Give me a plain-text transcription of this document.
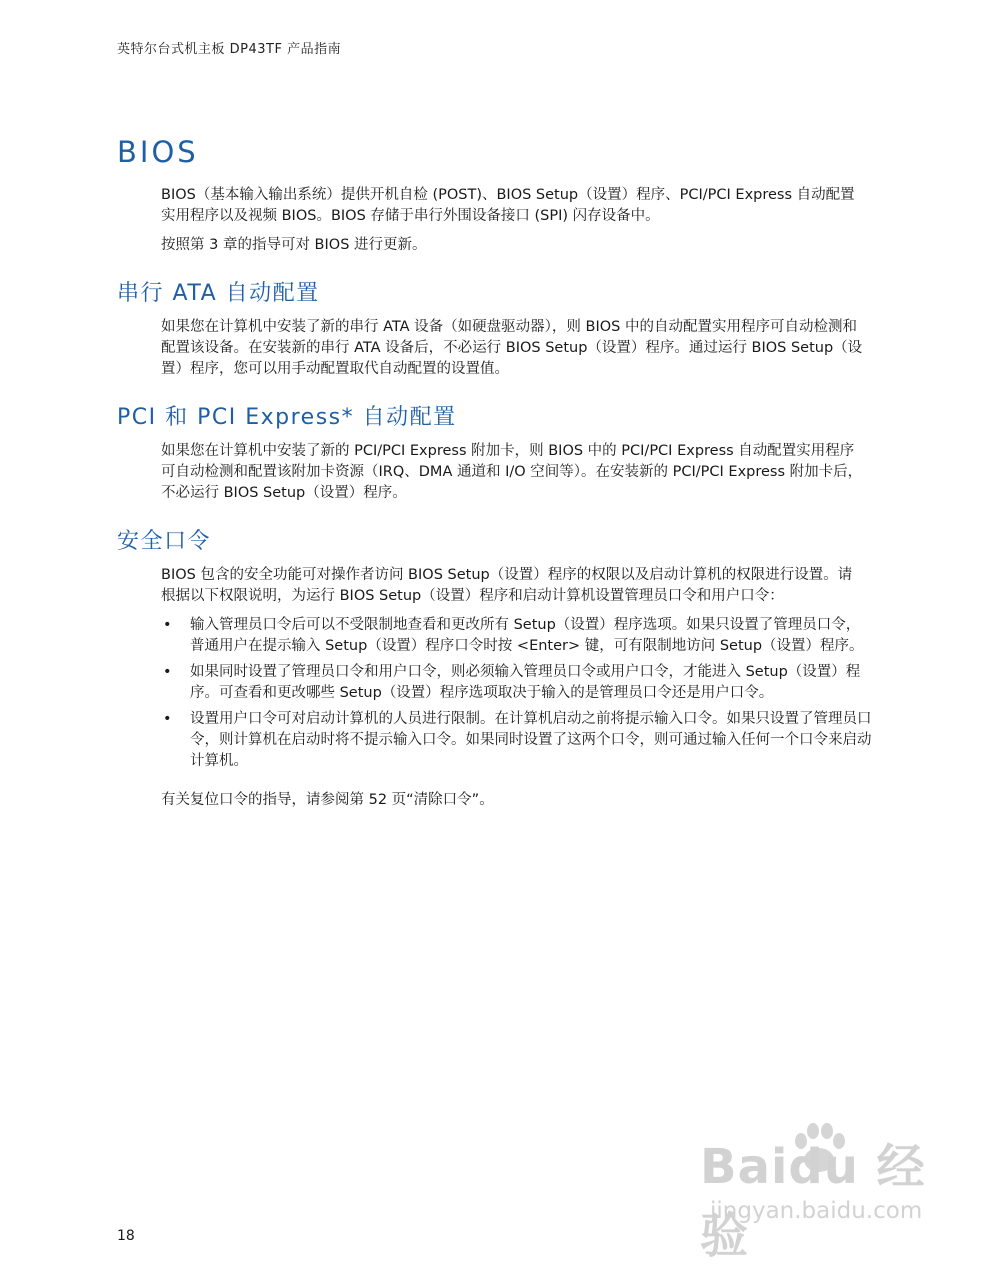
英特尔台式机主板 DP43TF 产品指南
BIOS

BIOS（基本输入输出系统）提供开机自检 (POST)、BIOS Setup（设置）程序、PCI/PCI Express 自动配置实用程序以及视频 BIOS。BIOS 存储于串行外围设备接口 (SPI) 闪存设备中。

按照第 3 章的指导可对 BIOS 进行更新。

串行 ATA 自动配置

如果您在计算机中安装了新的串行 ATA 设备（如硬盘驱动器），则 BIOS 中的自动配置实用程序可自动检测和配置该设备。在安装新的串行 ATA 设备后，不必运行 BIOS Setup（设置）程序。通过运行 BIOS Setup（设置）程序，您可以用手动配置取代自动配置的设置值。

PCI 和 PCI Express* 自动配置

如果您在计算机中安装了新的 PCI/PCI Express 附加卡，则 BIOS 中的 PCI/PCI Express 自动配置实用程序可自动检测和配置该附加卡资源（IRQ、DMA 通道和 I/O 空间等）。在安装新的 PCI/PCI Express 附加卡后，不必运行 BIOS Setup（设置）程序。

安全口令

BIOS 包含的安全功能可对操作者访问 BIOS Setup（设置）程序的权限以及启动计算机的权限进行设置。请根据以下权限说明，为运行 BIOS Setup（设置）程序和启动计算机设置管理员口令和用户口令：

• 输入管理员口令后可以不受限制地查看和更改所有 Setup（设置）程序选项。如果只设置了管理员口令，普通用户在提示输入 Setup（设置）程序口令时按 <Enter> 键，可有限制地访问 Setup（设置）程序。
• 如果同时设置了管理员口令和用户口令，则必须输入管理员口令或用户口令，才能进入 Setup（设置）程序。可查看和更改哪些 Setup（设置）程序选项取决于输入的是管理员口令还是用户口令。
• 设置用户口令可对启动计算机的人员进行限制。在计算机启动之前将提示输入口令。如果只设置了管理员口令，则计算机在启动时将不提示输入口令。如果同时设置了这两个口令，则可通过输入任何一个口令来启动计算机。

有关复位口令的指导，请参阅第 52 页“清除口令”。

18
Baidu 经验
jingyan.baidu.com
